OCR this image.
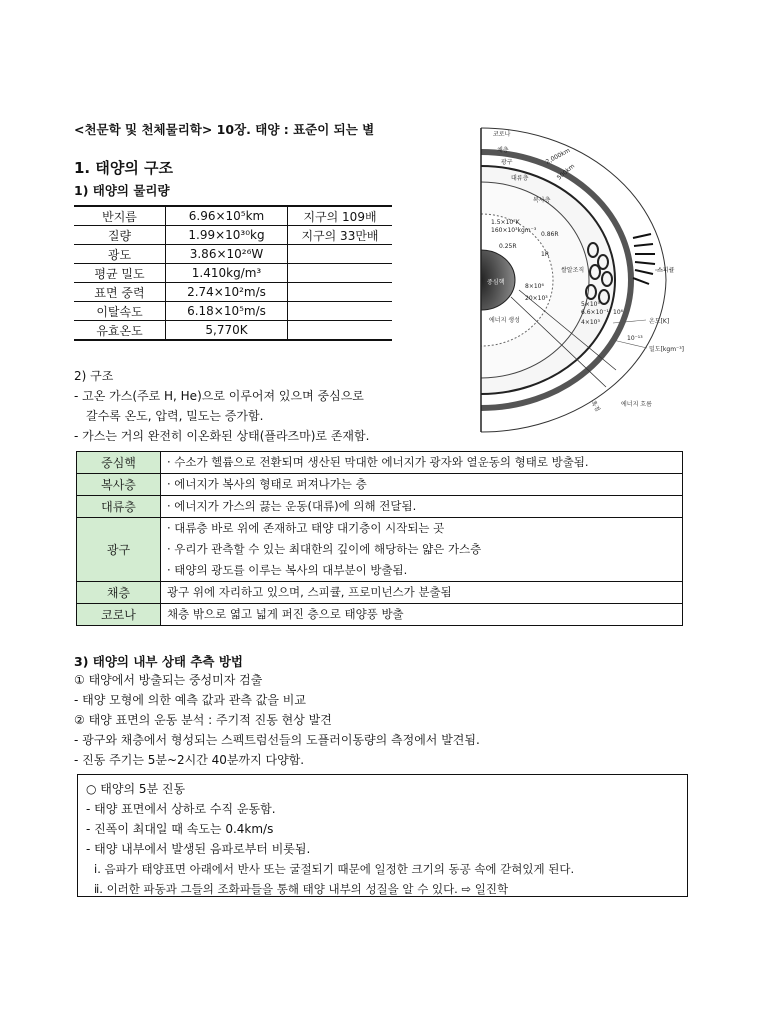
<천문학 및 천체물리학> 10장. 태양 : 표준이 되는 별
1. 태양의 구조
1) 태양의 물리량
반지름	6.96×10⁵km	지구의 109배
질량	1.99×10³⁰kg	지구의 33만배
광도	3.86×10²⁶W	
평균 밀도	1.410kg/m³	
표면 중력	2.74×10²m/s	
이탈속도	6.18×10⁵m/s	
유효온도	5,770K	
2) 구조
- 고온 가스(주로 H, He)으로 이루어져 있으며 중심으로
갈수록 온도, 압력, 밀도는 증가함.
- 가스는 거의 완전히 이온화된 상태(플라즈마)로 존재함.
중심핵	· 수소가 헬륨으로 전환되며 생산된 막대한 에너지가 광자와 열운동의 형태로 방출됨.

복사층	· 에너지가 복사의 형태로 퍼져나가는 층

대류층	· 에너지가 가스의 끓는 운동(대류)에 의해 전달됨.

광구	· 대류층 바로 위에 존재하고 태양 대기층이 시작되는 곳
· 우리가 관측할 수 있는 최대한의 깊이에 해당하는 얇은 가스층
· 태양의 광도를 이루는 복사의 대부분이 방출됨.

채층	광구 위에 자리하고 있으며, 스피큘, 프로미넌스가 분출됨

코로나	채층 밖으로 엷고 넓게 퍼진 층으로 태양풍 방출
3) 태양의 내부 상태 추측 방법
① 태양에서 방출되는 중성미자 검출
- 태양 모형에 의한 예측 값과 관측 값을 비교
② 태양 표면의 운동 분석 : 주기적 진동 현상 발견
- 광구와 채층에서 형성되는 스펙트럼선들의 도플러이동량의 측정에서 발견됨.
- 진동 주기는 5분~2시간 40분까지 다양함.
○ 태양의 5분 진동
- 태양 표면에서 상하로 수직 운동함.
- 진폭이 최대일 때 속도는 0.4km/s
- 태양 내부에서 발생된 음파로부터 비롯됨.
ⅰ. 음파가 태양표면 아래에서 반사 또는 굴절되기 때문에 일정한 크기의 동공 속에 갇혀있게 된다.
ⅱ. 이러한 파동과 그들의 조화파들을 통해 태양 내부의 성질을 알 수 있다. ⇨ 일진학
코로나
채층
광구
대류층
복사층
중심핵
2,000km
500km
1.5×10⁷K
160×10³kgm⁻³
0.25R
0.86R
1R
쌀알조직
8×10⁶
20×10³
5×10⁵
6.6×10⁻¹
4×10³
10⁶
10⁻¹³
스피큘
온도[K]
밀도[kgm⁻³]
에너지 생성
에너지 흐름
흑점
